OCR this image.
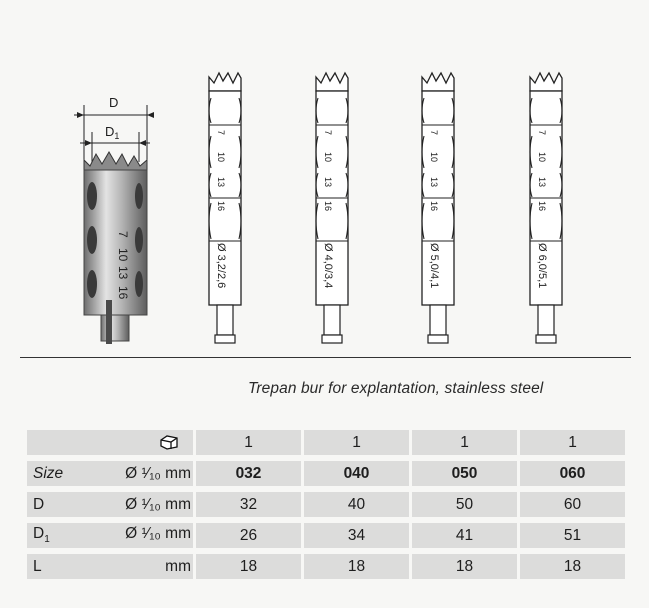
D
$D_1$
7
10
13
16
7
10
13
16
Ø 3,2/2,6
7
10
13
16
Ø 4,0/3,4
7
10
13
16
Ø 5,0/4,1
7
10
13
16
Ø 6,0/5,1
Trepan bur for explantation, stainless steel
	1	1	1	1
Size Ø ¹⁄₁₀ mm	032	040	050	060
D Ø ¹⁄₁₀ mm	32	40	50	60
$D_1$ Ø ¹⁄₁₀ mm	26	34	41	51
L mm	18	18	18	18
